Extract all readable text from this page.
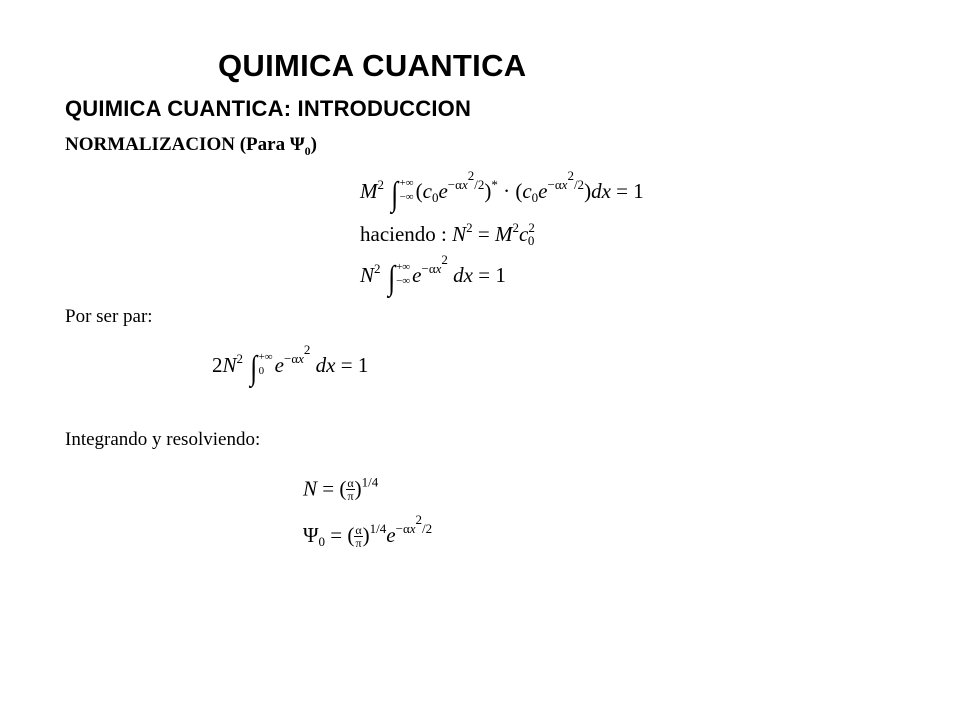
QUIMICA CUANTICA
QUIMICA CUANTICA: INTRODUCCION
NORMALIZACION (Para $\Psi_0$)
$M^2$ ∫ +∞
−∞ $(c_0e^{-\alpha x^2/2})^* \cdot (c_0e^{-\alpha x^2/2})dx = 1$
haciendo : $N^2 = M^2c^2_0$
$N^2$ ∫ +∞
−∞ $e^{-\alpha x^2}$ dx = 1
Por ser par:
$2N^2$ ∫ +∞
0 $e^{-\alpha x^2}$ dx = 1
Integrando y resolviendo:
N = ( $\frac{\alpha}{\pi} )^{1/4}$
$\Psi_0$ = ( $\frac{\alpha}{\pi} )^{1/4}e^{-\alpha x^2/2}$
